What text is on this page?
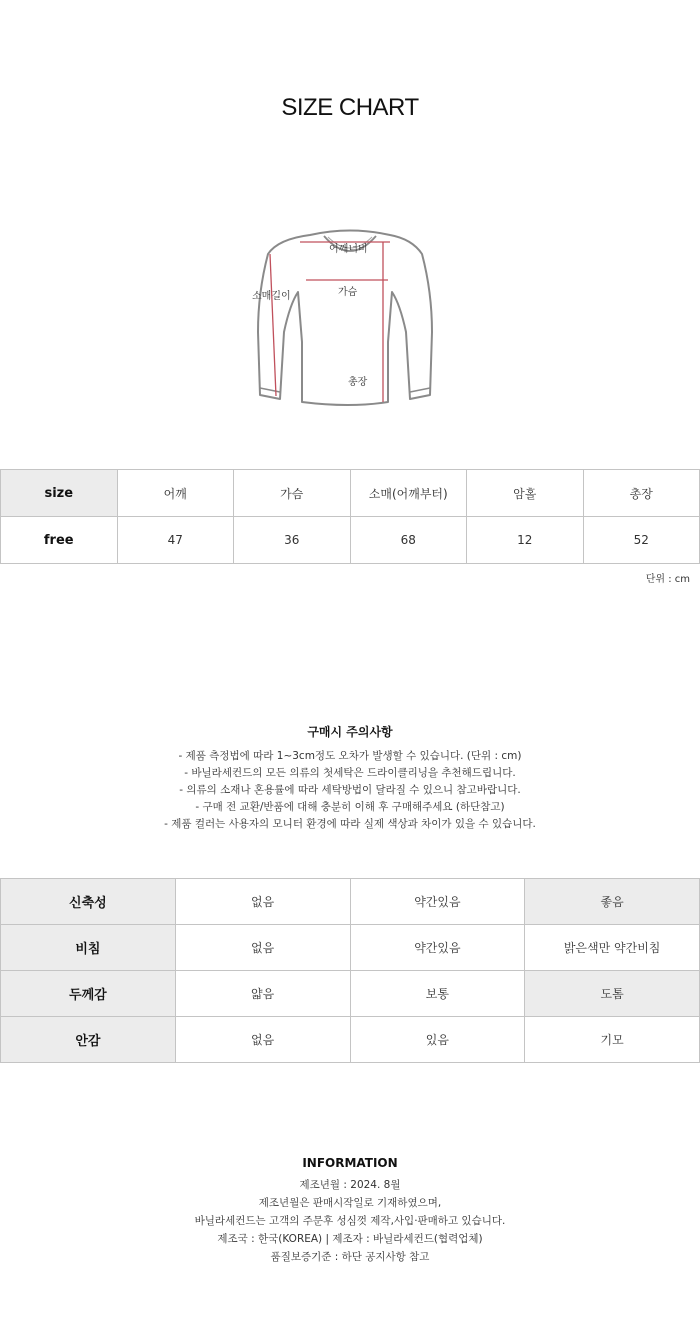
SIZE CHART
어깨너비
소매길이	가슴
총장
size	어깨	가슴	소매(어깨부터)	암홀	총장
free	47	36	68	12	52
단위 : cm
구매시 주의사항
- 제품 측정법에 따라 1~3cm정도 오차가 발생할 수 있습니다. (단위 : cm)
- 바닐라세컨드의 모든 의류의 첫세탁은 드라이클리닝을 추천해드립니다.
- 의류의 소재나 혼용률에 따라 세탁방법이 달라질 수 있으니 참고바랍니다.
- 구매 전 교환/반품에 대해 충분히 이해 후 구매해주세요 (하단참고)
- 제품 컬러는 사용자의 모니터 환경에 따라 실제 색상과 차이가 있을 수 있습니다.
신축성	없음	약간있음	좋음
비침	없음	약간있음	밝은색만 약간비침
두께감	얇음	보통	도톰
안감	없음	있음	기모
INFORMATION
제조년월 : 2024. 8월
제조년월은 판매시작일로 기재하였으며,
바닐라세컨드는 고객의 주문후 성심껏 제작,사입·판매하고 있습니다.
제조국 : 한국(KOREA) | 제조자 : 바닐라세컨드(협력업체)
품질보증기준 : 하단 공지사항 참고
